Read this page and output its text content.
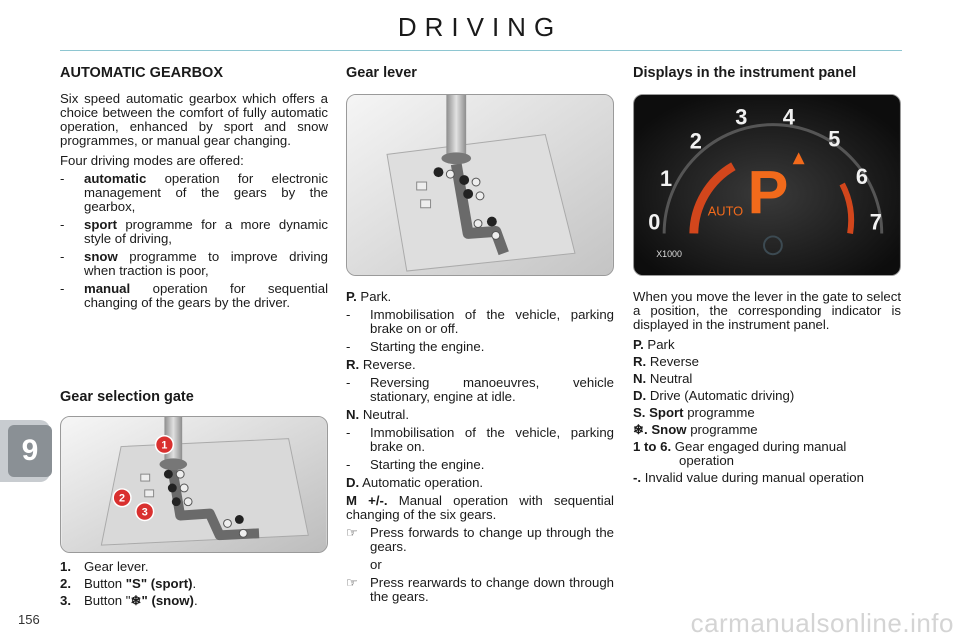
DRIVING
9
156	carmanualsonline.info
AUTOMATIC GEARBOX

Six speed automatic gearbox which offers a choice between the comfort of fully automatic operation, enhanced by sport and snow programmes, or manual gear changing.

Four driving modes are offered:

-	automatic operation for electronic management of the gears by the gearbox,
-	sport programme for a more dynamic style of driving,
-	snow programme to improve driving when traction is poor,
-	manual operation for sequential changing of the gears by the driver.
Gear selection gate
1
2
3
1. Gear lever.
2. Button "S" (sport).
3. Button "❄" (snow).
Gear lever

P. Park.

-	Immobilisation of the vehicle, parking brake on or off.
-	Starting the engine.

R. Reverse.

-	Reversing manoeuvres, vehicle stationary, engine at idle.

N. Neutral.

-	Immobilisation of the vehicle, parking brake on.
-	Starting the engine.

D. Automatic operation.

M +/-. Manual operation with sequential changing of the six gears.

☞ Press forwards to change up through the gears.

or

☞ Press rearwards to change down through the gears.
Displays in the instrument panel
0
1
2
3 4
5
6
7
P
AUTO
X1000

When you move the lever in the gate to select a position, the corresponding indicator is displayed in the instrument panel.

P. Park

R. Reverse

N. Neutral

D. Drive (Automatic driving)

S. Sport programme

❄. Snow programme

1 to 6. Gear engaged during manual operation

-. Invalid value during manual operation
